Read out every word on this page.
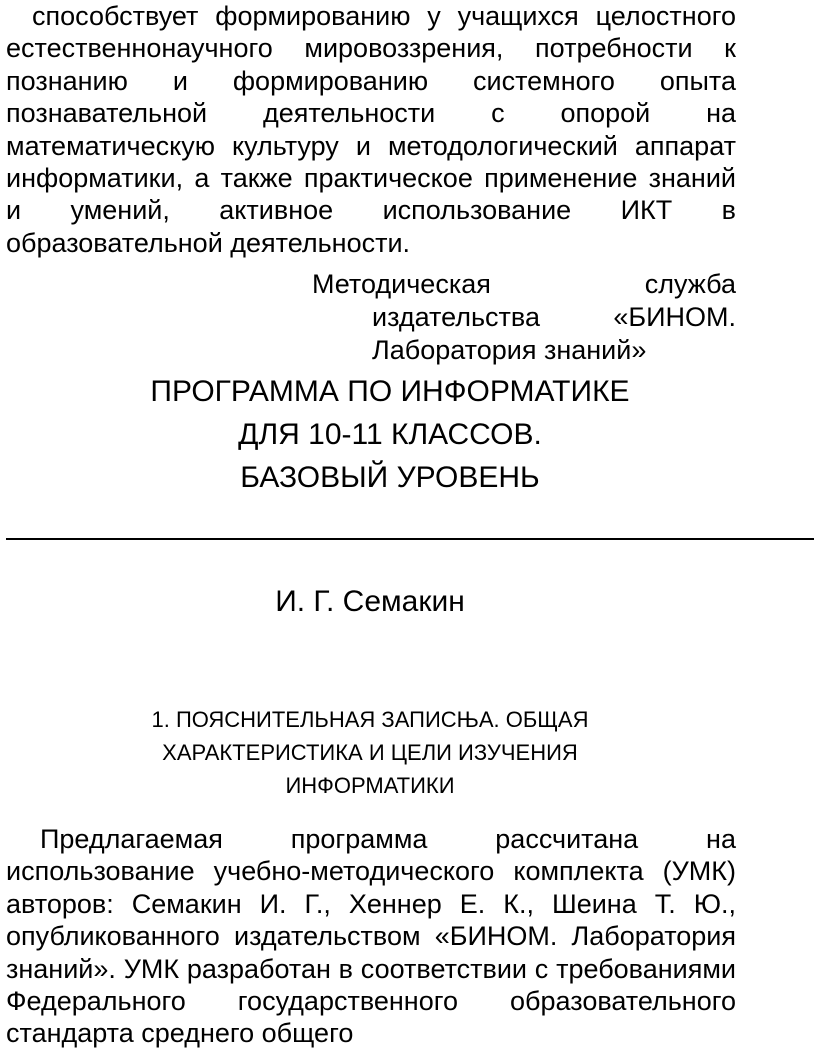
способствует формированию у учащихся целостного естественнонаучного мировоззрения, потребности к познанию и формированию системного опыта познавательной деятельности с опорой на математическую культуру и методологический аппарат информатики, а также практическое применение знаний и умений, активное использование ИКТ в образовательной деятельности.

Методическая	служба
издательства	«БИНОМ.
Лаборатория знаний»
ПРОГРАММА ПО ИНФОРМАТИКЕ
ДЛЯ 10-11 КЛАССОВ.
БАЗОВЫЙ УРОВЕНЬ
И. Г. Семакин
1. ПОЯСНИТЕЛЬНАЯ ЗАПИСЊА. ОБЩАЯ
ХАРАКТЕРИСТИКА И ЦЕЛИ ИЗУЧЕНИЯ
ИНФОРМАТИКИ

Предлагаемая программа рассчитана на использование учебно-методического комплекта (УМК) авторов: Семакин И. Г., Хеннер Е. К., Шеина Т. Ю., опубликованного издательством «БИНОМ. Лаборатория знаний». УМК разработан в соответствии с требованиями Федерального государственного образовательного стандарта среднего общего
